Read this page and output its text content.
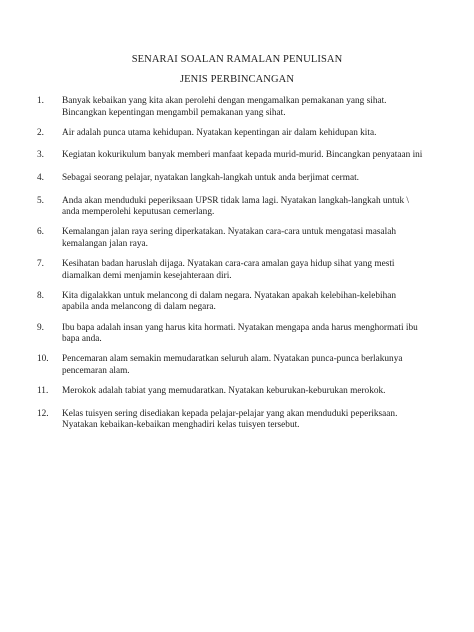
SENARAI SOALAN RAMALAN PENULISAN
JENIS PERBINCANGAN
1.	Banyak kebaikan yang kita akan perolehi dengan mengamalkan pemakanan yang sihat.
Bincangkan kepentingan mengambil pemakanan yang sihat.
2.	Air adalah punca utama kehidupan. Nyatakan kepentingan air dalam kehidupan kita.
3.	Kegiatan kokurikulum banyak memberi manfaat kepada murid-murid. Bincangkan penyataan ini
4.	Sebagai seorang pelajar, nyatakan langkah-langkah untuk anda berjimat cermat.
5.	Anda akan menduduki peperiksaan UPSR tidak lama lagi. Nyatakan langkah-langkah untuk \
anda memperolehi keputusan cemerlang.
6.	Kemalangan jalan raya sering diperkatakan. Nyatakan cara-cara untuk mengatasi masalah
kemalangan jalan raya.
7.	Kesihatan badan haruslah dijaga. Nyatakan cara-cara amalan gaya hidup sihat yang mesti
diamalkan demi menjamin kesejahteraan diri.
8.	Kita digalakkan untuk melancong di dalam negara. Nyatakan apakah kelebihan-kelebihan
apabila anda melancong di dalam negara.
9.	Ibu bapa adalah insan yang harus kita hormati. Nyatakan mengapa anda harus menghormati ibu
bapa anda.
10.	Pencemaran alam semakin memudaratkan seluruh alam. Nyatakan punca-punca berlakunya
pencemaran alam.
11.	Merokok adalah tabiat yang memudaratkan. Nyatakan keburukan-keburukan merokok.
12.	Kelas tuisyen sering disediakan kepada pelajar-pelajar yang akan menduduki peperiksaan.
Nyatakan kebaikan-kebaikan menghadiri kelas tuisyen tersebut.
